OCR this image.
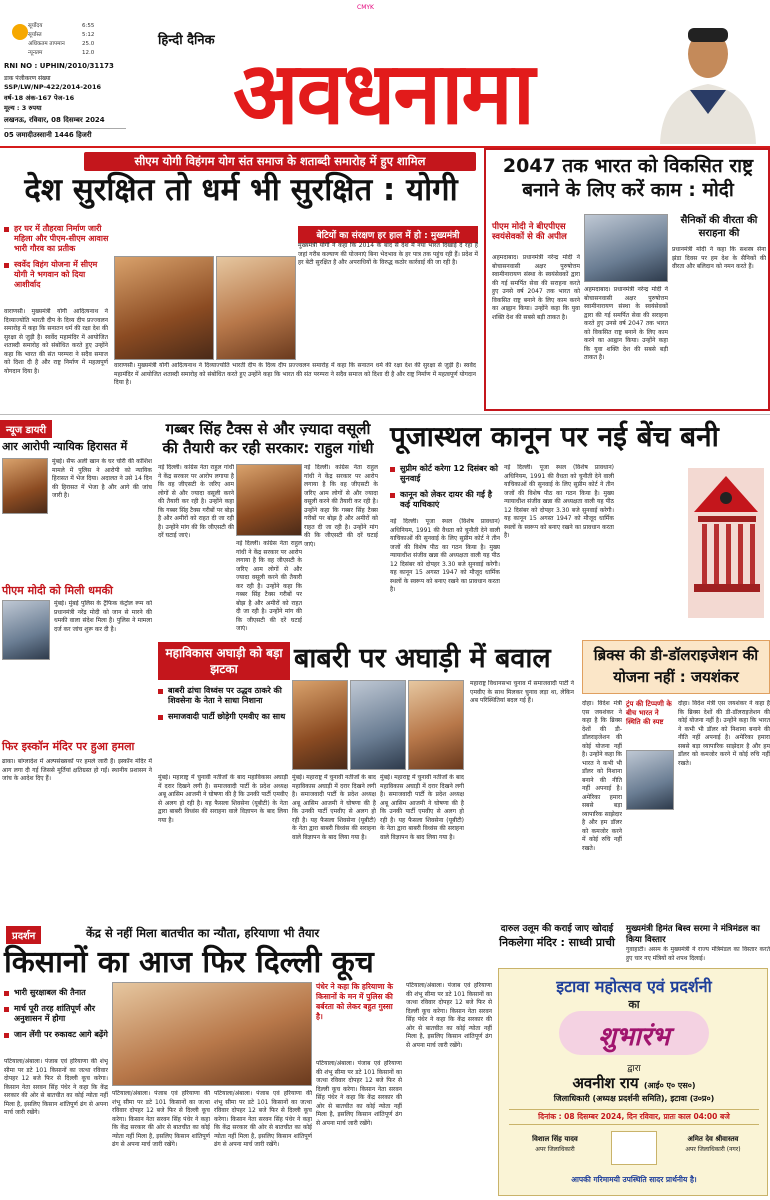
CMYK
सूर्योदय	6:55
सूर्यास्त	5:12
अधिकतम तापमान	25.0
न्यूनतम	12.0
RNI NO : UPHIN/2010/31173
डाक पंजीकरण संख्या
SSP/LW/NP-422/2014-2016
वर्ष-18 अंक-167 पेज-16
मूल्य : 3 रुपया
लखनऊ, रविवार, 08 दिसम्बर 2024
05 जमादीउस्सानी 1446 हिजरी
हिन्दी दैनिक
अवधनामा
सीएम योगी विहंगम योग संत समाज के शताब्दी समारोह में हुए शामिल
देश सुरक्षित तो धर्म भी सुरक्षित : योगी
हर घर में तौहरवा निर्माण जारी महिला और पीएम-सीएम आवास भारी गौरव का प्रतीक
स्वर्वेद विहंग योजना में सीएम योगी ने भगवान को दिया आशीर्वाद
वाराणसी। मुख्यमंत्री योगी आदित्यनाथ ने दिव्याज्योति भारती दीप के दिव्य दीप प्रज्ज्वलन समारोह में कहा कि सनातन धर्म की रक्षा देश की सुरक्षा से जुड़ी है। स्वर्वेद महामंदिर में आयोजित शताब्दी समारोह को संबोधित करते हुए उन्होंने कहा कि भारत की संत परम्परा ने सदैव समाज को दिशा दी है और राष्ट्र निर्माण में महत्वपूर्ण योगदान दिया है।
बेटियों का संरक्षण हर हाल में हो : मुख्यमंत्री
मुख्यमंत्री योगी ने कहा कि 2014 के बाद से देश में नया भारत दिखाई दे रहा है जहां गरीब कल्याण की योजनाएं बिना भेदभाव के हर पात्र तक पहुंच रही हैं। प्रदेश में हर बेटी सुरक्षित है और अपराधियों के विरुद्ध कठोर कार्रवाई की जा रही है।
वाराणसी। मुख्यमंत्री योगी आदित्यनाथ ने दिव्याज्योति भारती दीप के दिव्य दीप प्रज्ज्वलन समारोह में कहा कि सनातन धर्म की रक्षा देश की सुरक्षा से जुड़ी है। स्वर्वेद महामंदिर में आयोजित शताब्दी समारोह को संबोधित करते हुए उन्होंने कहा कि भारत की संत परम्परा ने सदैव समाज को दिशा दी है और राष्ट्र निर्माण में महत्वपूर्ण योगदान दिया है।
2047 तक भारत को विकसित राष्ट्र बनाने के लिए करें काम : मोदी
पीएम मोदी ने बीएपीएस स्वयंसेवकों से की अपील
सैनिकों की वीरता की सराहना की
अहमदाबाद। प्रधानमंत्री नरेन्द्र मोदी ने बोचासनवासी अक्षर पुरुषोत्तम स्वामीनारायण संस्था के स्वयंसेवकों द्वारा की गई समर्पित सेवा की सराहना करते हुए उनसे वर्ष 2047 तक भारत को विकसित राष्ट्र बनाने के लिए काम करने का आह्वान किया। उन्होंने कहा कि युवा शक्ति देश की सबसे बड़ी ताकत है।
अहमदाबाद। प्रधानमंत्री नरेन्द्र मोदी ने बोचासनवासी अक्षर पुरुषोत्तम स्वामीनारायण संस्था के स्वयंसेवकों द्वारा की गई समर्पित सेवा की सराहना करते हुए उनसे वर्ष 2047 तक भारत को विकसित राष्ट्र बनाने के लिए काम करने का आह्वान किया। उन्होंने कहा कि युवा शक्ति देश की सबसे बड़ी ताकत है।
प्रधानमंत्री मोदी ने कहा कि सशस्त्र सेना झंडा दिवस पर हम देश के सैनिकों की वीरता और बलिदान को नमन करते हैं।
न्यूज डायरी
आर आरोपी न्यायिक हिरासत में
मुंबई। सैफ अली खान के घर चोरी की कोशिश मामले में पुलिस ने आरोपी को न्यायिक हिरासत में भेज दिया। अदालत ने उसे 14 दिन की हिरासत में भेजा है और आगे की जांच जारी है।
पीएम मोदी को मिली धमकी
मुंबई। मुंबई पुलिस के ट्रैफिक कंट्रोल रूम को प्रधानमंत्री नरेंद्र मोदी को जान से मारने की धमकी वाला संदेश मिला है। पुलिस ने मामला दर्ज कर जांच शुरू कर दी है।
फिर इस्कॉन मंदिर पर हुआ हमला
ढाका। बांग्लादेश में अल्पसंख्यकों पर हमले जारी हैं। इस्कॉन मंदिर में आग लगा दी गई जिससे मूर्तियां क्षतिग्रस्त हो गईं। स्थानीय प्रशासन ने जांच के आदेश दिए हैं।
गब्बर सिंह टैक्स से और ज़्यादा वसूली की तैयारी कर रही सरकार: राहुल गांधी
नई दिल्ली। कांग्रेस नेता राहुल गांधी ने केंद्र सरकार पर आरोप लगाया है कि वह जीएसटी के जरिए आम लोगों से और ज्यादा वसूली करने की तैयारी कर रही है। उन्होंने कहा कि गब्बर सिंह टैक्स गरीबों पर बोझ है और अमीरों को राहत दी जा रही है। उन्होंने मांग की कि जीएसटी की दरें घटाई जाएं।
नई दिल्ली। कांग्रेस नेता राहुल गांधी ने केंद्र सरकार पर आरोप लगाया है कि वह जीएसटी के जरिए आम लोगों से और ज्यादा वसूली करने की तैयारी कर रही है। उन्होंने कहा कि गब्बर सिंह टैक्स गरीबों पर बोझ है और अमीरों को राहत दी जा रही है। उन्होंने मांग की कि जीएसटी की दरें घटाई जाएं।
नई दिल्ली। कांग्रेस नेता राहुल गांधी ने केंद्र सरकार पर आरोप लगाया है कि वह जीएसटी के जरिए आम लोगों से और ज्यादा वसूली करने की तैयारी कर रही है। उन्होंने कहा कि गब्बर सिंह टैक्स गरीबों पर बोझ है और अमीरों को राहत दी जा रही है। उन्होंने मांग की कि जीएसटी की दरें घटाई जाएं।
पूजास्थल कानून पर नई बेंच बनी
सुप्रीम कोर्ट करेगा 12 दिसंबर को सुनवाई
कानून को लेकर दायर की गई है कई याचिकाएं
नई दिल्ली। पूजा स्थल (विशेष प्रावधान) अधिनियम, 1991 की वैधता को चुनौती देने वाली याचिकाओं की सुनवाई के लिए सुप्रीम कोर्ट ने तीन जजों की विशेष पीठ का गठन किया है। मुख्य न्यायाधीश संजीव खन्ना की अध्यक्षता वाली यह पीठ 12 दिसंबर को दोपहर 3.30 बजे सुनवाई करेगी। यह कानून 15 अगस्त 1947 को मौजूद धार्मिक स्थलों के स्वरूप को बनाए रखने का प्रावधान करता है।
नई दिल्ली। पूजा स्थल (विशेष प्रावधान) अधिनियम, 1991 की वैधता को चुनौती देने वाली याचिकाओं की सुनवाई के लिए सुप्रीम कोर्ट ने तीन जजों की विशेष पीठ का गठन किया है। मुख्य न्यायाधीश संजीव खन्ना की अध्यक्षता वाली यह पीठ 12 दिसंबर को दोपहर 3.30 बजे सुनवाई करेगी। यह कानून 15 अगस्त 1947 को मौजूद धार्मिक स्थलों के स्वरूप को बनाए रखने का प्रावधान करता है।
महाविकास अघाड़ी को बड़ा झटका	बाबरी पर अघाड़ी में बवाल
बाबरी ढांचा विध्वंस पर उद्धव ठाकरे की शिवसेना के नेता ने साधा निशाना
समाजवादी पार्टी छोड़ेगी एमवीए का साथ
मुंबई। महाराष्ट्र में चुनावी नतीजों के बाद महाविकास अघाड़ी में दरार दिखने लगी है। समाजवादी पार्टी के प्रदेश अध्यक्ष अबू आसिम आजमी ने घोषणा की है कि उनकी पार्टी एमवीए से अलग हो रही है। यह फैसला शिवसेना (यूबीटी) के नेता द्वारा बाबरी विध्वंस की सराहना वाले विज्ञापन के बाद लिया गया है।
मुंबई। महाराष्ट्र में चुनावी नतीजों के बाद महाविकास अघाड़ी में दरार दिखने लगी है। समाजवादी पार्टी के प्रदेश अध्यक्ष अबू आसिम आजमी ने घोषणा की है कि उनकी पार्टी एमवीए से अलग हो रही है। यह फैसला शिवसेना (यूबीटी) के नेता द्वारा बाबरी विध्वंस की सराहना वाले विज्ञापन के बाद लिया गया है।
मुंबई। महाराष्ट्र में चुनावी नतीजों के बाद महाविकास अघाड़ी में दरार दिखने लगी है। समाजवादी पार्टी के प्रदेश अध्यक्ष अबू आसिम आजमी ने घोषणा की है कि उनकी पार्टी एमवीए से अलग हो रही है। यह फैसला शिवसेना (यूबीटी) के नेता द्वारा बाबरी विध्वंस की सराहना वाले विज्ञापन के बाद लिया गया है।
महाराष्ट्र विधानसभा चुनाव में समाजवादी पार्टी ने एमवीए के साथ मिलकर चुनाव लड़ा था, लेकिन अब परिस्थितियां बदल गई हैं।
ब्रिक्स की डी-डॉलराइजेशन की योजना नहीं : जयशंकर
दोहा। विदेश मंत्री एस जयशंकर ने कहा है कि ब्रिक्स देशों की डी-डॉलराइजेशन की कोई योजना नहीं है। उन्होंने कहा कि भारत ने कभी भी डॉलर को निशाना बनाने की नीति नहीं अपनाई है। अमेरिका हमारा सबसे बड़ा व्यापारिक साझेदार है और हम डॉलर को कमजोर करने में कोई रुचि नहीं रखते।
ट्रंप की टिप्पणी के बीच भारत ने स्थिति की स्पष्ट
दोहा। विदेश मंत्री एस जयशंकर ने कहा है कि ब्रिक्स देशों की डी-डॉलराइजेशन की कोई योजना नहीं है। उन्होंने कहा कि भारत ने कभी भी डॉलर को निशाना बनाने की नीति नहीं अपनाई है। अमेरिका हमारा सबसे बड़ा व्यापारिक साझेदार है और हम डॉलर को कमजोर करने में कोई रुचि नहीं रखते।
प्रदर्शन	केंद्र से नहीं मिला बातचीत का न्यौता, हरियाणा भी तैयार
किसानों का आज फिर दिल्ली कूच
भारी सुरक्षाबल की तैनात
मार्च पूरी तरह शांतिपूर्ण और अनुशासन में होगा
जान लेंगी पर रुकावट आगे बढ़ेंगे
पटियाला/अंबाला। पंजाब एवं हरियाणा की शंभू सीमा पर डटे 101 किसानों का जत्था रविवार दोपहर 12 बजे फिर से दिल्ली कूच करेगा। किसान नेता सरवन सिंह पंधेर ने कहा कि केंद्र सरकार की ओर से बातचीत का कोई न्योता नहीं मिला है, इसलिए किसान शांतिपूर्ण ढंग से अपना मार्च जारी रखेंगे।
पटियाला/अंबाला। पंजाब एवं हरियाणा की शंभू सीमा पर डटे 101 किसानों का जत्था रविवार दोपहर 12 बजे फिर से दिल्ली कूच करेगा। किसान नेता सरवन सिंह पंधेर ने कहा कि केंद्र सरकार की ओर से बातचीत का कोई न्योता नहीं मिला है, इसलिए किसान शांतिपूर्ण ढंग से अपना मार्च जारी रखेंगे।
पटियाला/अंबाला। पंजाब एवं हरियाणा की शंभू सीमा पर डटे 101 किसानों का जत्था रविवार दोपहर 12 बजे फिर से दिल्ली कूच करेगा। किसान नेता सरवन सिंह पंधेर ने कहा कि केंद्र सरकार की ओर से बातचीत का कोई न्योता नहीं मिला है, इसलिए किसान शांतिपूर्ण ढंग से अपना मार्च जारी रखेंगे।
पंधेर ने कहा कि हरियाणा के किसानों के मन में पुलिस की बर्बरता को लेकर बहुत गुस्सा है।
पटियाला/अंबाला। पंजाब एवं हरियाणा की शंभू सीमा पर डटे 101 किसानों का जत्था रविवार दोपहर 12 बजे फिर से दिल्ली कूच करेगा। किसान नेता सरवन सिंह पंधेर ने कहा कि केंद्र सरकार की ओर से बातचीत का कोई न्योता नहीं मिला है, इसलिए किसान शांतिपूर्ण ढंग से अपना मार्च जारी रखेंगे।
पटियाला/अंबाला। पंजाब एवं हरियाणा की शंभू सीमा पर डटे 101 किसानों का जत्था रविवार दोपहर 12 बजे फिर से दिल्ली कूच करेगा। किसान नेता सरवन सिंह पंधेर ने कहा कि केंद्र सरकार की ओर से बातचीत का कोई न्योता नहीं मिला है, इसलिए किसान शांतिपूर्ण ढंग से अपना मार्च जारी रखेंगे।
दारुल उलूम की कराई जाए खोदाई
निकलेगा मंदिर : साध्वी प्राची
मुख्यमंत्री हिमंत बिस्व सरमा ने मंत्रिमंडल का किया विस्तार
गुवाहाटी। असम के मुख्यमंत्री ने राज्य मंत्रिमंडल का विस्तार करते हुए चार नए मंत्रियों को शपथ दिलाई।
इटावा महोत्सव एवं प्रदर्शनी
का
शुभारंभ
द्वारा
अवनीश राय (आई० ए० एस०)
जिलाधिकारी (अध्यक्ष प्रदर्शनी समिति), इटावा (उ०प्र०)
दिनांक : 08 दिसम्बर 2024, दिन रविवार, प्रातः काल 04:00 बजे
विशाल सिंह यादव
अपर जिलाधिकारी
अमित देव श्रीवास्तव
अपर जिलाधिकारी (नगर)
आपकी गरिमामयी उपस्थिति सादर प्रार्थनीय है।
